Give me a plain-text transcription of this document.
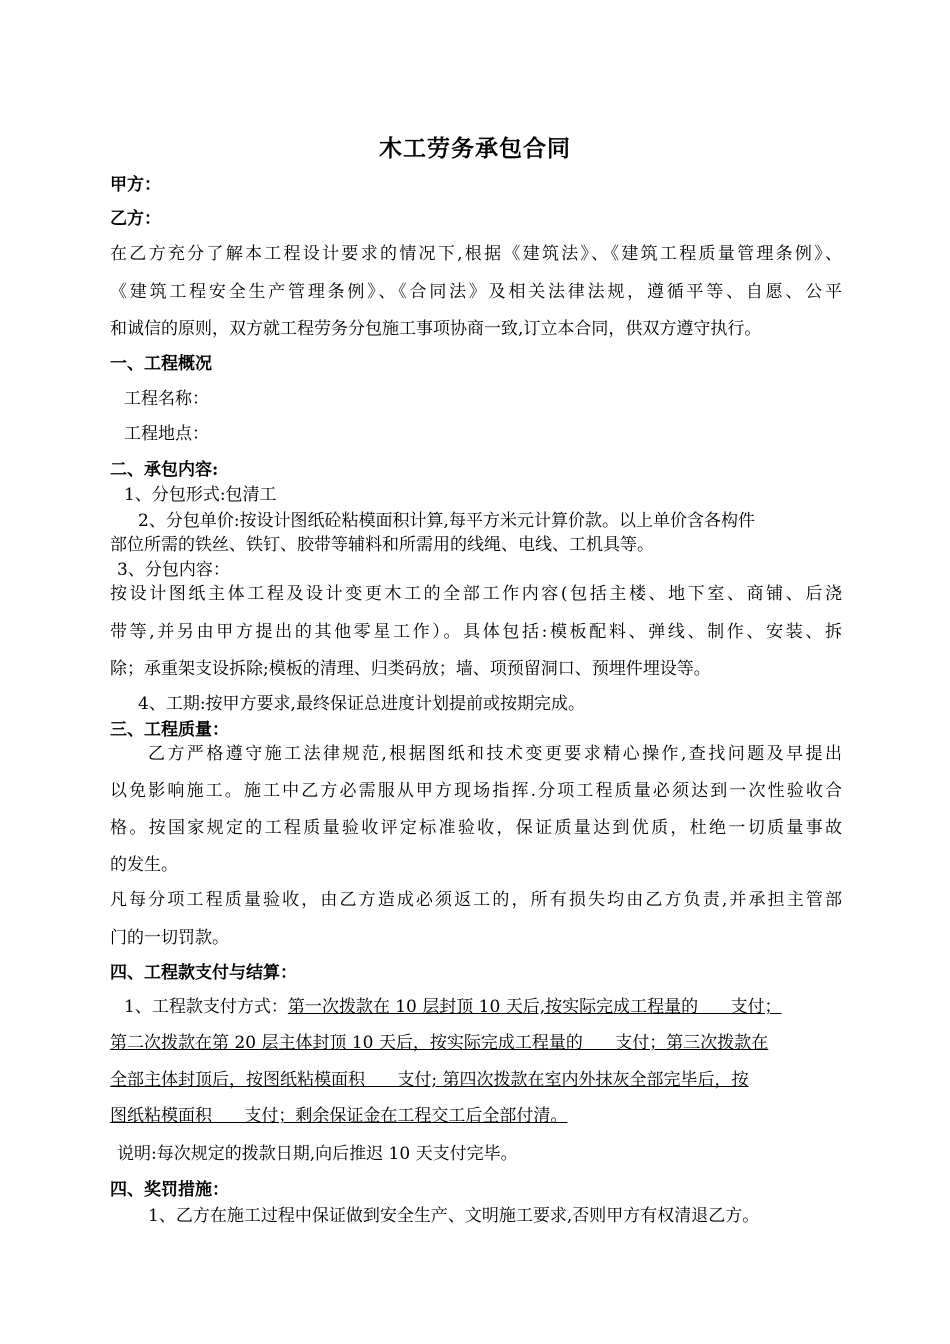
木工劳务承包合同
甲方：
乙方：
在乙方充分了解本工程设计要求的情况下,根据《建筑法》、《建筑工程质量管理条例》、
《建筑工程安全生产管理条例》、《合同法》及相关法律法规，遵循平等、自愿、公平
和诚信的原则，双方就工程劳务分包施工事项协商一致,订立本合同，供双方遵守执行。
一、工程概况
工程名称：
工程地点：
二、承包内容:
1、分包形式:包清工
2、分包单价:按设计图纸砼粘模面积计算,每平方米元计算价款。以上单价含各构件
部位所需的铁丝、铁钉、胶带等辅料和所需用的线绳、电线、工机具等。
3、分包内容：
按设计图纸主体工程及设计变更木工的全部工作内容(包括主楼、地下室、商铺、后浇
带等,并另由甲方提出的其他零星工作）。具体包括:模板配料、弹线、制作、安装、拆
除；承重架支设拆除;模板的清理、归类码放；墙、项预留洞口、预埋件埋设等。
4、工期:按甲方要求,最终保证总进度计划提前或按期完成。
三、工程质量：
乙方严格遵守施工法律规范,根据图纸和技术变更要求精心操作,查找问题及早提出
以免影响施工。施工中乙方必需服从甲方现场指挥.分项工程质量必须达到一次性验收合
格。按国家规定的工程质量验收评定标准验收，保证质量达到优质，杜绝一切质量事故
的发生。
凡每分项工程质量验收，由乙方造成必须返工的，所有损失均由乙方负责,并承担主管部
门的一切罚款。
四、工程款支付与结算：
1、工程款支付方式：第一次拨款在 10 层封顶 10 天后,按实际完成工程量的      支付；
第二次拨款在第 20 层主体封顶 10 天后，按实际完成工程量的      支付；第三次拨款在
全部主体封顶后，按图纸粘模面积      支付; 第四次拨款在室内外抹灰全部完毕后，按
图纸粘模面积      支付；剩余保证金在工程交工后全部付清。
说明:每次规定的拨款日期,向后推迟 10 天支付完毕。
四、奖罚措施：
1、乙方在施工过程中保证做到安全生产、文明施工要求,否则甲方有权清退乙方。
